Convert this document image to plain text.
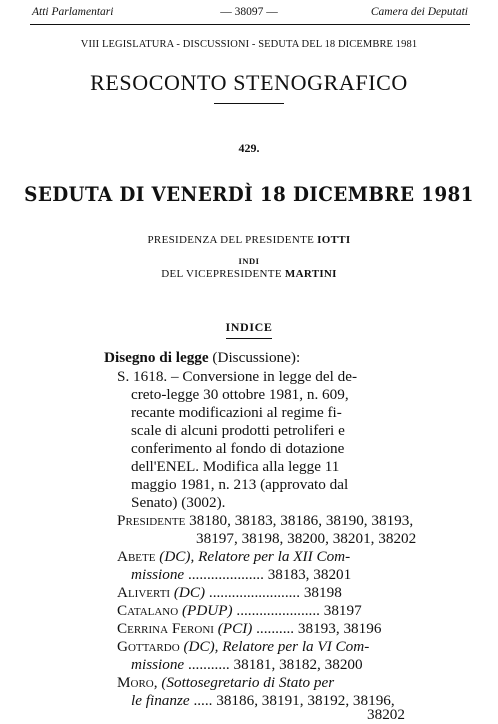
Atti Parlamentari	— 38097 —	Camera dei Deputati
VIII LEGISLATURA - DISCUSSIONI - SEDUTA DEL 18 DICEMBRE 1981
RESOCONTO STENOGRAFICO
429.
SEDUTA DI VENERDÌ 18 DICEMBRE 1981
PRESIDENZA DEL PRESIDENTE IOTTI
INDI
DEL VICEPRESIDENTE MARTINI
INDICE
Disegno di legge (Discussione):
S. 1618. – Conversione in legge del de-
creto-legge 30 ottobre 1981, n. 609,
recante modificazioni al regime fi-
scale di alcuni prodotti petroliferi e
conferimento al fondo di dotazione
dell'ENEL. Modifica alla legge 11
maggio 1981, n. 213 (approvato dal
Senato) (3002).
Presidente 38180, 38183, 38186, 38190, 38193,
38197, 38198, 38200, 38201, 38202
Abete (DC), Relatore per la XII Com-
missione .................... 38183, 38201
Aliverti (DC) ........................ 38198
Catalano (PDUP) ...................... 38197
Cerrina Feroni (PCI) .......... 38193, 38196
Gottardo (DC), Relatore per la VI Com-
missione ........... 38181, 38182, 38200
Moro, (Sottosegretario di Stato per
le finanze ..... 38186, 38191, 38192, 38196,
38202
